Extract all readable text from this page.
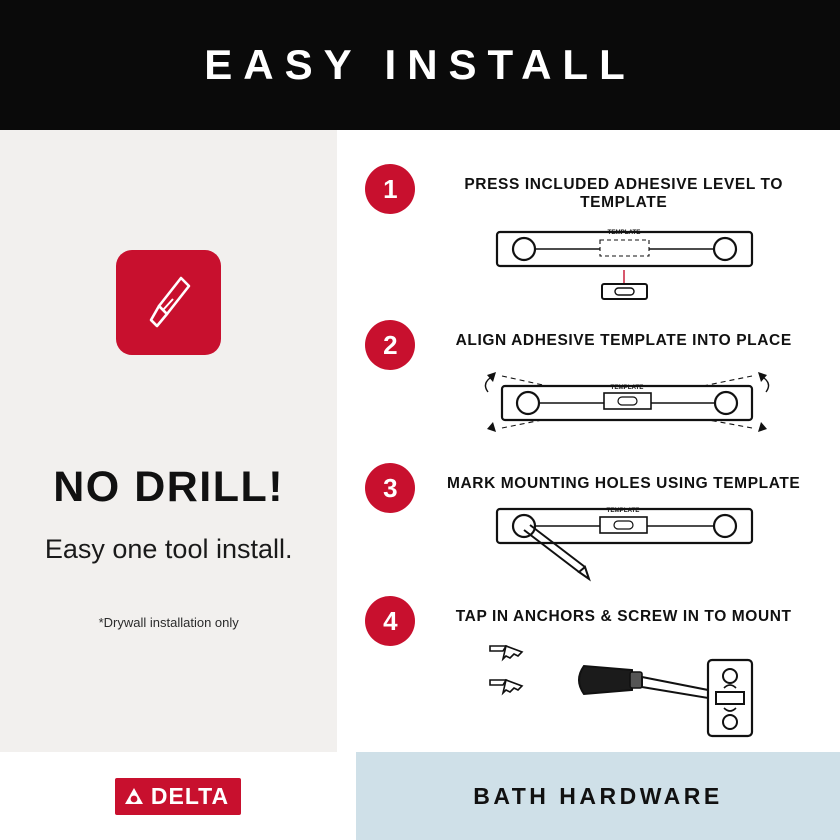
EASY INSTALL
NO DRILL!
Easy one tool install.
*Drywall installation only
1	PRESS INCLUDED ADHESIVE LEVEL TO TEMPLATE
TEMPLATE
2	ALIGN ADHESIVE TEMPLATE INTO PLACE
TEMPLATE
3	MARK MOUNTING HOLES USING TEMPLATE
TEMPLATE
4	TAP IN ANCHORS & SCREW IN TO MOUNT
DELTA	BATH HARDWARE
